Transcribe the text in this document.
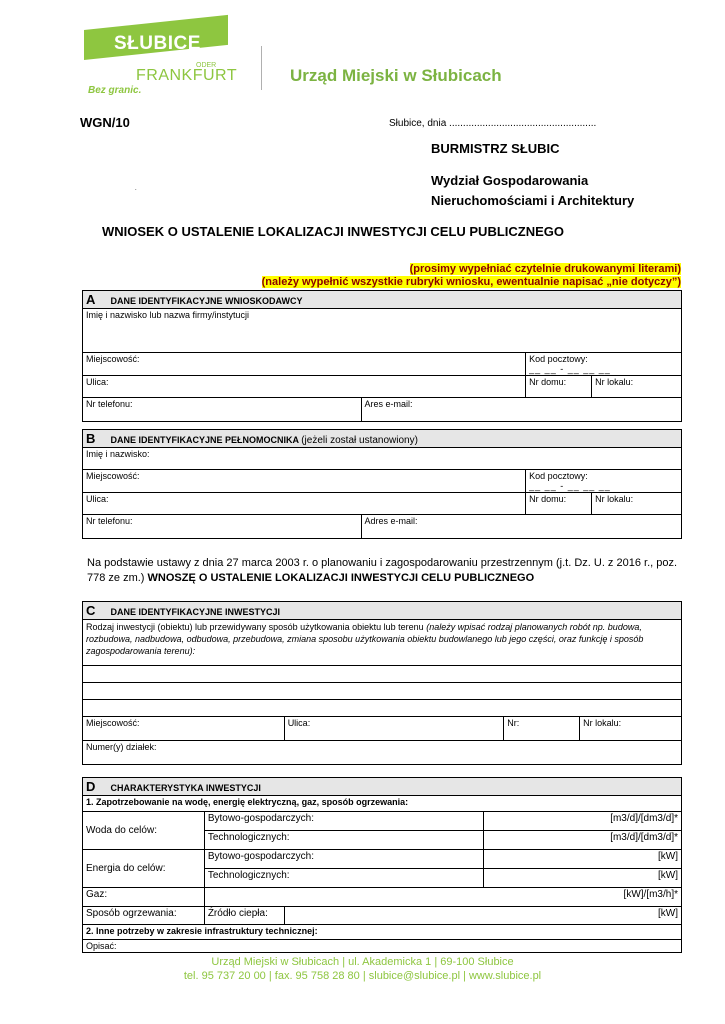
SŁUBICE
ODER
FRANKFURT
Bez granic.
Urząd Miejski w Słubicach
WGN/10	Słubice, dnia .....................................................
BURMISTRZ SŁUBIC
Wydział Gospodarowania
Nieruchomościami i Architektury
.
WNIOSEK O USTALENIE LOKALIZACJI INWESTYCJI CELU PUBLICZNEGO
(prosimy wypełniać czytelnie drukowanymi literami)
(należy wypełnić wszystkie rubryki wniosku, ewentualnie napisać „nie dotyczy”)
A DANE IDENTYFIKACYJNE WNIOSKODAWCY			
Imię i nazwisko lub nazwa firmy/instytucji			
Miejscowość:		Kod pocztowy:
__ __ - __ __ __	

Ulica:		Nr domu:	Nr lokalu:
Nr telefonu:	Ares e-mail:		
B DANE IDENTYFIKACYJNE PEŁNOMOCNIKA (jeżeli został ustanowiony)			
Imię i nazwisko:			
Miejscowość:		Kod pocztowy:
__ __ - __ __ __	

Ulica:		Nr domu:	Nr lokalu:
Nr telefonu:	Adres e-mail:		
Na podstawie ustawy z dnia 27 marca 2003 r. o planowaniu i zagospodarowaniu przestrzennym (j.t. Dz. U. z 2016 r., poz. 778 ze zm.) WNOSZĘ O USTALENIE LOKALIZACJI INWESTYCJI CELU PUBLICZNEGO
C DANE IDENTYFIKACYJNE INWESTYCJI
Rodzaj inwestycji (obiektu) lub przewidywany sposób użytkowania obiektu lub terenu (należy wpisać rodzaj planowanych robót np. budowa, rozbudowa, nadbudowa, odbudowa, przebudowa, zmiana sposobu użytkowania obiektu budowlanego lub jego części, oraz funkcję i sposób zagospodarowania terenu):

Miejscowość:	Ulica:	Nr:	Nr lokalu:
Numer(y) działek:
D CHARAKTERYSTYKA INWESTYCJI			
1. Zapotrzebowanie na wodę, energię elektryczną, gaz, sposób ogrzewania:			
Woda do celów:	Bytowo-gospodarczych:		[m3/d]/[dm3/d]*
	Technologicznych:		[m3/d]/[dm3/d]*
Energia do celów:	Bytowo-gospodarczych:		[kW]
	Technologicznych:		[kW]
Gaz:	[kW]/[m3/h]*		
Sposób ogrzewania:	Źródło ciepła:	[kW]	
2. Inne potrzeby w zakresie infrastruktury technicznej:			
Opisać:			
Urząd Miejski w Słubicach | ul. Akademicka 1 | 69-100 Słubice
tel. 95 737 20 00 | fax. 95 758 28 80 | slubice@slubice.pl | www.slubice.pl
